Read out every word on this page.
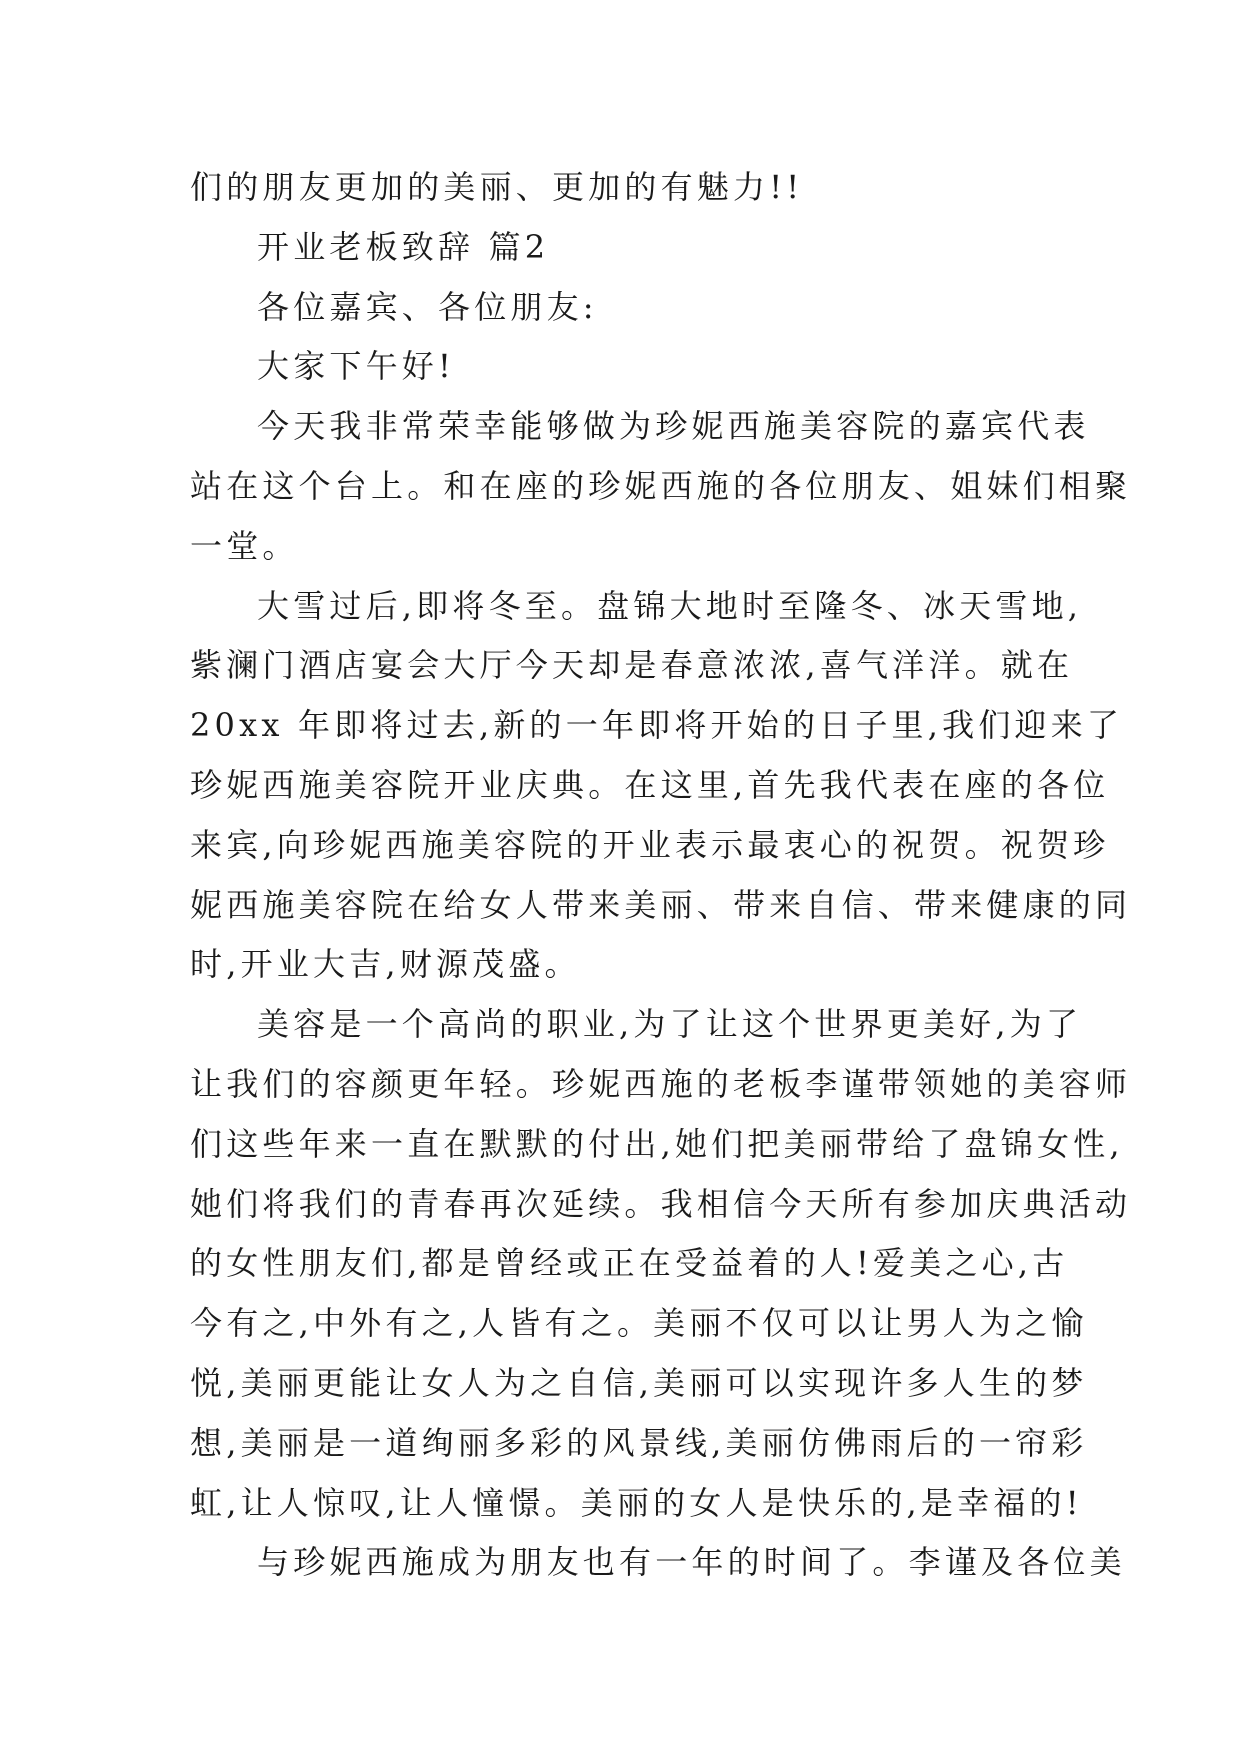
们的朋友更加的美丽、更加的有魅力!!
开业老板致辞 篇2
各位嘉宾、各位朋友:
大家下午好!
今天我非常荣幸能够做为珍妮西施美容院的嘉宾代表
站在这个台上。和在座的珍妮西施的各位朋友、姐妹们相聚
一堂。
大雪过后,即将冬至。盘锦大地时至隆冬、冰天雪地,
紫澜门酒店宴会大厅今天却是春意浓浓,喜气洋洋。就在
20xx 年即将过去,新的一年即将开始的日子里,我们迎来了
珍妮西施美容院开业庆典。在这里,首先我代表在座的各位
来宾,向珍妮西施美容院的开业表示最衷心的祝贺。祝贺珍
妮西施美容院在给女人带来美丽、带来自信、带来健康的同
时,开业大吉,财源茂盛。
美容是一个高尚的职业,为了让这个世界更美好,为了
让我们的容颜更年轻。珍妮西施的老板李谨带领她的美容师
们这些年来一直在默默的付出,她们把美丽带给了盘锦女性,
她们将我们的青春再次延续。我相信今天所有参加庆典活动
的女性朋友们,都是曾经或正在受益着的人!爱美之心,古
今有之,中外有之,人皆有之。美丽不仅可以让男人为之愉
悦,美丽更能让女人为之自信,美丽可以实现许多人生的梦
想,美丽是一道绚丽多彩的风景线,美丽仿佛雨后的一帘彩
虹,让人惊叹,让人憧憬。美丽的女人是快乐的,是幸福的!
与珍妮西施成为朋友也有一年的时间了。李谨及各位美
